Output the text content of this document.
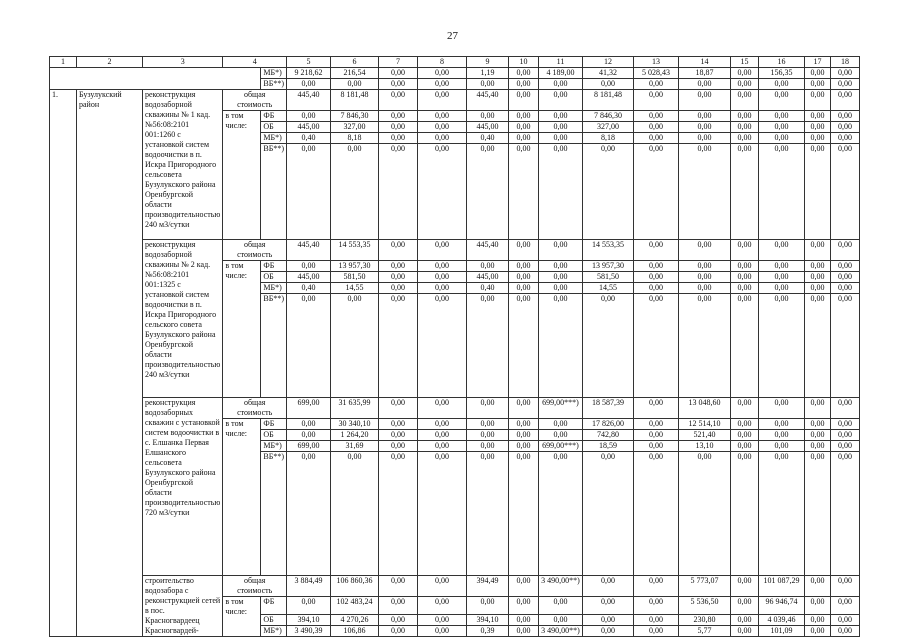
27
1	2	3	4		5	6	7	8	9	10	11	12	13	14	15	16	17	18
				МБ*)	9 218,62	216,54	0,00	0,00	1,19	0,00	4 189,00	41,32	5 028,43	18,87	0,00	156,35	0,00	0,00
				ВБ**)	0,00	0,00	0,00	0,00	0,00	0,00	0,00	0,00	0,00	0,00	0,00	0,00	0,00	0,00
1.	Бузулукский район	реконструкция водозаборной скважины № 1 кад.№56:08:2101 001:1260 с установкой систем водоочистки в п. Искра Пригородного сельсовета Бузулукского района Оренбургской области производительностью 240 м3/сутки	общая стоимость		445,40	8 181,48	0,00	0,00	445,40	0,00	0,00	8 181,48	0,00	0,00	0,00	0,00	0,00	0,00
			в том числе:	ФБ	0,00	7 846,30	0,00	0,00	0,00	0,00	0,00	7 846,30	0,00	0,00	0,00	0,00	0,00	0,00
				ОБ	445,00	327,00	0,00	0,00	445,00	0,00	0,00	327,00	0,00	0,00	0,00	0,00	0,00	0,00
				МБ*)	0,40	8,18	0,00	0,00	0,40	0,00	0,00	8,18	0,00	0,00	0,00	0,00	0,00	0,00
				ВБ**)	0,00	0,00	0,00	0,00	0,00	0,00	0,00	0,00	0,00	0,00	0,00	0,00	0,00	0,00
		реконструкция водозаборной скважины № 2 кад.№56:08:2101 001:1325 с установкой систем водоочистки в п. Искра Пригородного сельского совета Бузулукского района Оренбургской области производительностью 240 м3/сутки	общая стоимость		445,40	14 553,35	0,00	0,00	445,40	0,00	0,00	14 553,35	0,00	0,00	0,00	0,00	0,00	0,00
			в том числе:	ФБ	0,00	13 957,30	0,00	0,00	0,00	0,00	0,00	13 957,30	0,00	0,00	0,00	0,00	0,00	0,00
				ОБ	445,00	581,50	0,00	0,00	445,00	0,00	0,00	581,50	0,00	0,00	0,00	0,00	0,00	0,00
				МБ*)	0,40	14,55	0,00	0,00	0,40	0,00	0,00	14,55	0,00	0,00	0,00	0,00	0,00	0,00
				ВБ**)	0,00	0,00	0,00	0,00	0,00	0,00	0,00	0,00	0,00	0,00	0,00	0,00	0,00	0,00
		реконструкция водозаборных скважин с установкой систем водоочистки в с. Елшанка Первая Елшанского сельсовета Бузулукского района Оренбургской области производительностью 720 м3/сутки	общая стоимость		699,00	31 635,99	0,00	0,00	0,00	0,00	699,00***)	18 587,39	0,00	13 048,60	0,00	0,00	0,00	0,00
			в том числе:	ФБ	0,00	30 340,10	0,00	0,00	0,00	0,00	0,00	17 826,00	0,00	12 514,10	0,00	0,00	0,00	0,00
				ОБ	0,00	1 264,20	0,00	0,00	0,00	0,00	0,00	742,80	0,00	521,40	0,00	0,00	0,00	0,00
				МБ*)	699,00	31,69	0,00	0,00	0,00	0,00	699,00***)	18,59	0,00	13,10	0,00	0,00	0,00	0,00
				ВБ**)	0,00	0,00	0,00	0,00	0,00	0,00	0,00	0,00	0,00	0,00	0,00	0,00	0,00	0,00
		строительство водозабора с реконструкцией сетей в пос. Красногвардеец Красногвардей-	общая стоимость		3 884,49	106 860,36	0,00	0,00	394,49	0,00	3 490,00**)	0,00	0,00	5 773,07	0,00	101 087,29	0,00	0,00
			в том числе:	ФБ	0,00	102 483,24	0,00	0,00	0,00	0,00	0,00	0,00	0,00	5 536,50	0,00	96 946,74	0,00	0,00
				ОБ	394,10	4 270,26	0,00	0,00	394,10	0,00	0,00	0,00	0,00	230,80	0,00	4 039,46	0,00	0,00
				МБ*)	3 490,39	106,86	0,00	0,00	0,39	0,00	3 490,00**)	0,00	0,00	5,77	0,00	101,09	0,00	0,00
